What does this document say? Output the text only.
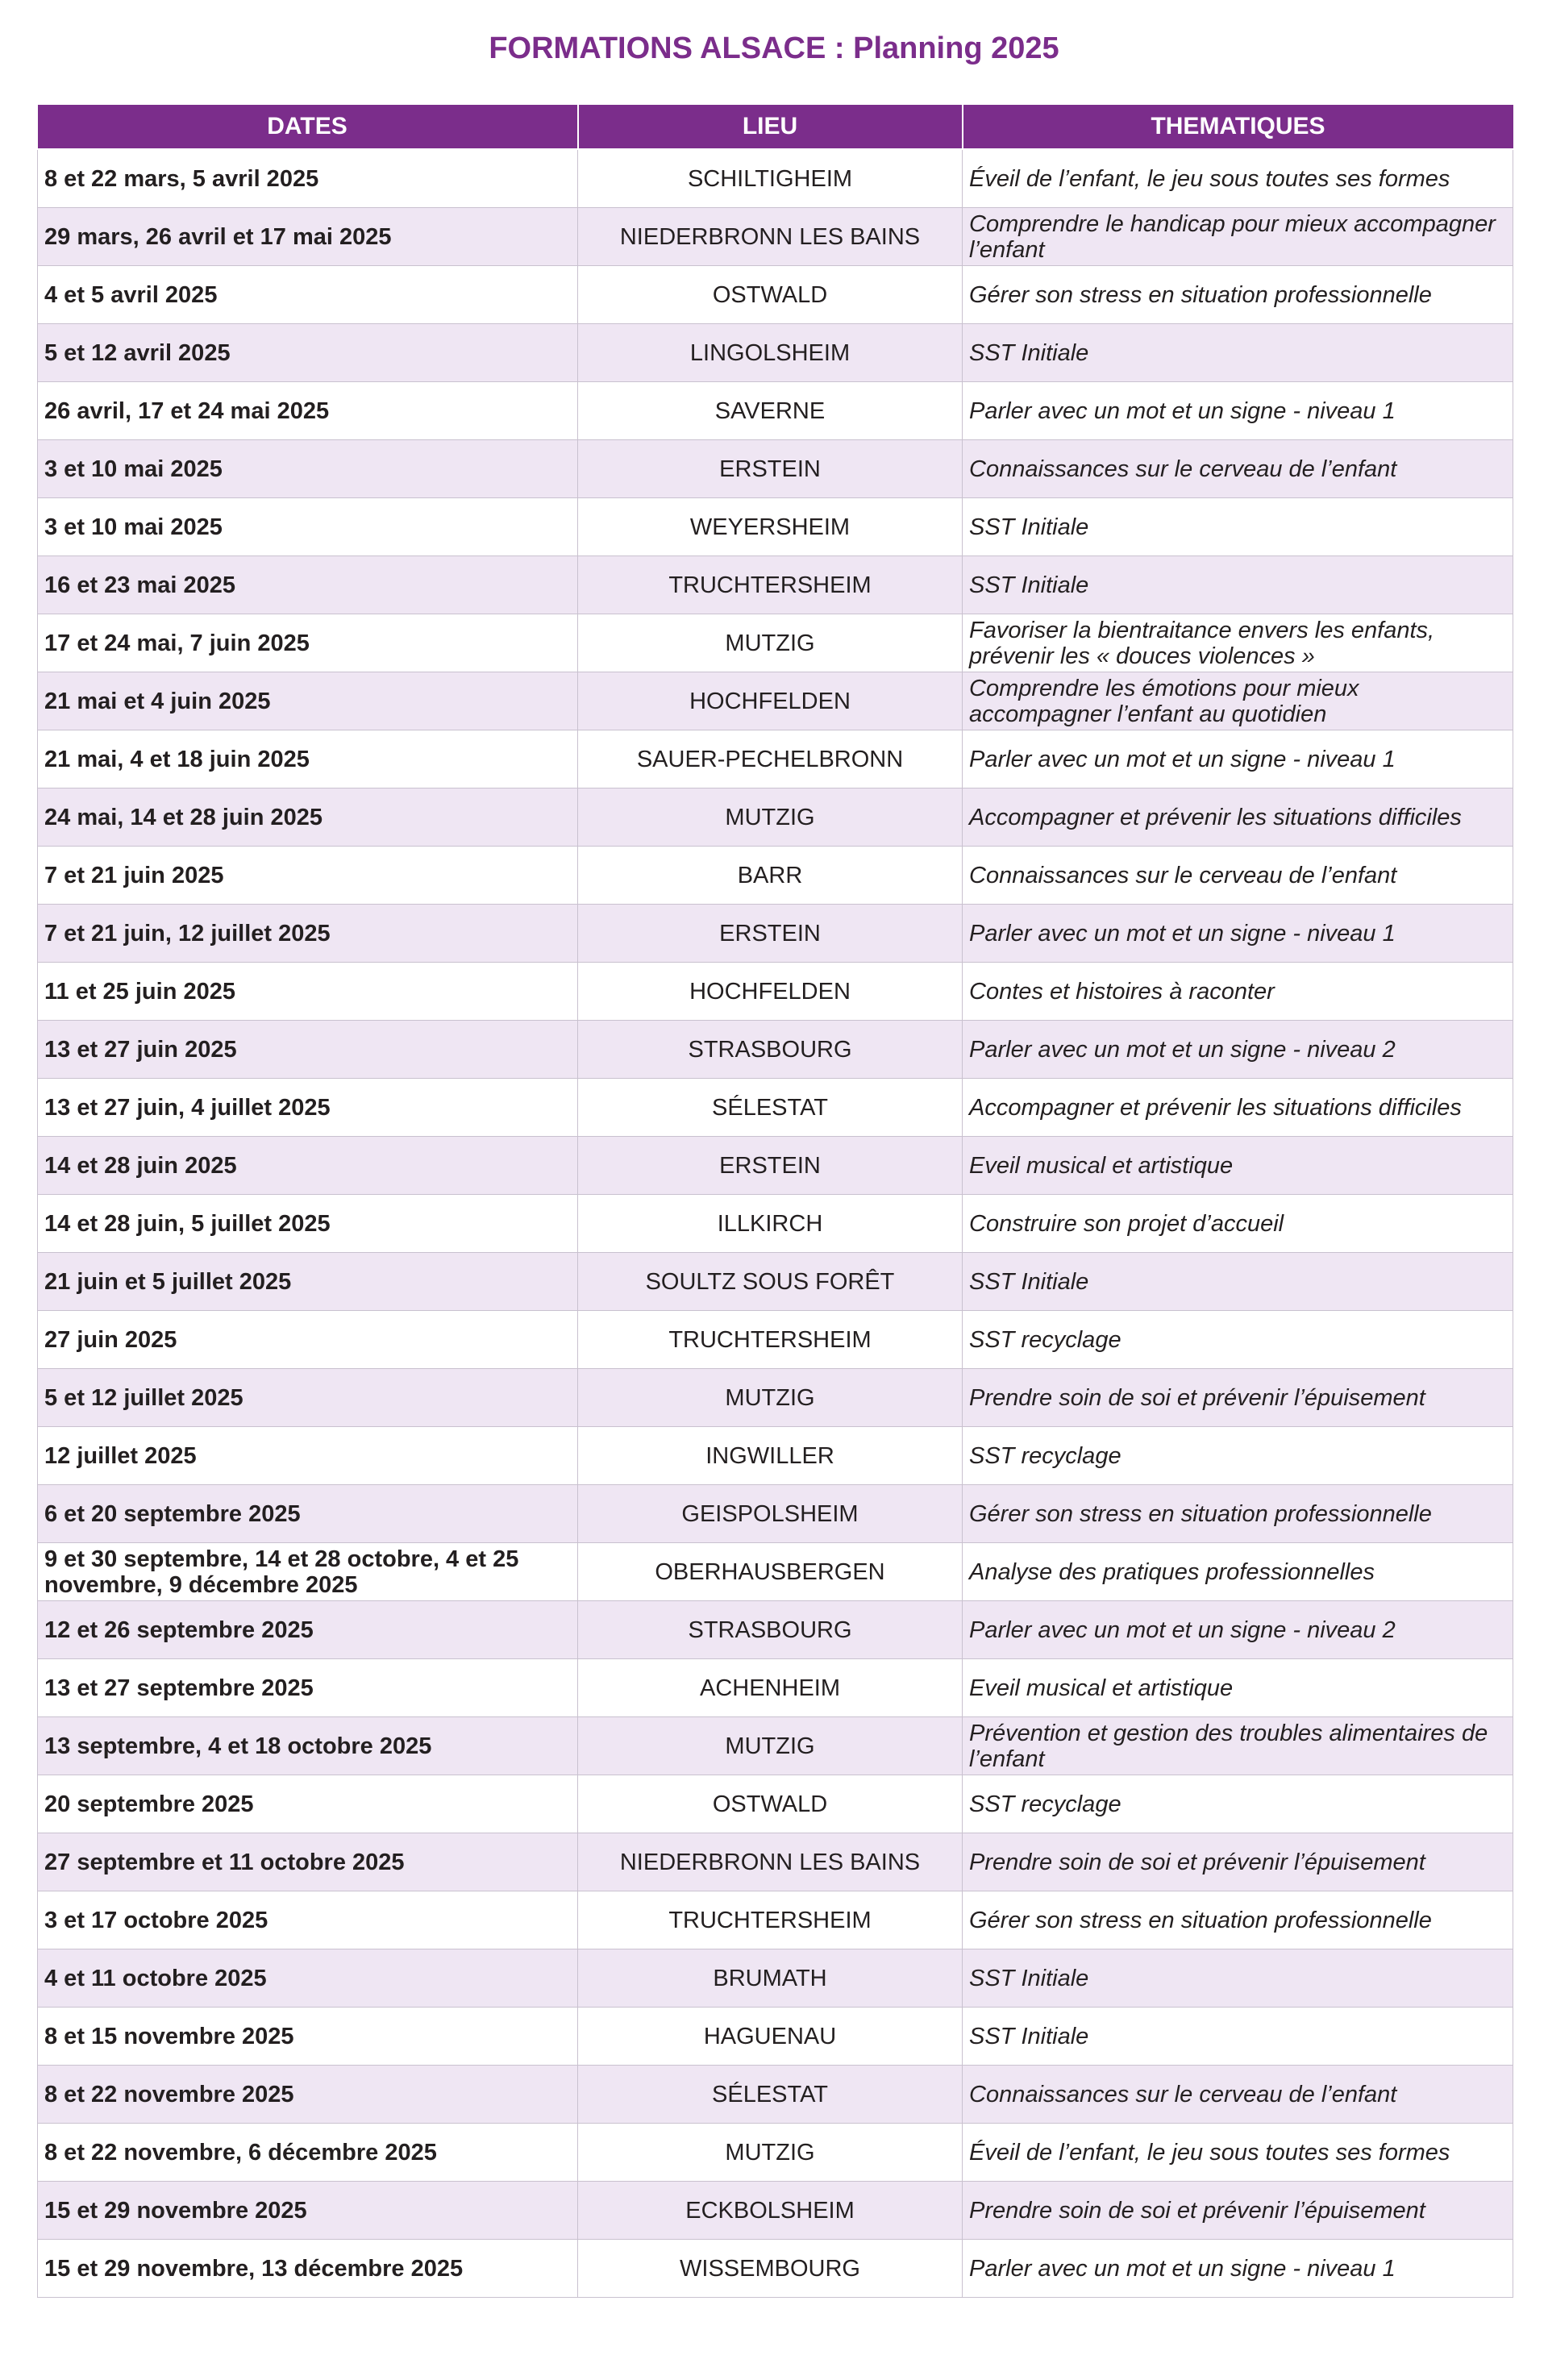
FORMATIONS ALSACE : Planning 2025
DATES	LIEU	THEMATIQUES
8 et 22 mars, 5 avril 2025	SCHILTIGHEIM	Éveil de l’enfant, le jeu sous toutes ses formes
29 mars, 26 avril et 17 mai 2025	NIEDERBRONN LES BAINS	Comprendre le handicap pour mieux accompagner l’enfant
4 et 5 avril 2025	OSTWALD	Gérer son stress en situation professionnelle
5 et 12 avril 2025	LINGOLSHEIM	SST Initiale
26 avril, 17 et 24 mai 2025	SAVERNE	Parler avec un mot et un signe - niveau 1
3 et 10 mai 2025	ERSTEIN	Connaissances sur le cerveau de l’enfant
3 et 10 mai 2025	WEYERSHEIM	SST Initiale
16 et 23 mai 2025	TRUCHTERSHEIM	SST Initiale
17 et 24 mai, 7 juin 2025	MUTZIG	Favoriser la bientraitance envers les enfants, prévenir les « douces violences »
21 mai et 4 juin 2025	HOCHFELDEN	Comprendre les émotions pour mieux accompagner l’enfant au quotidien
21 mai, 4 et 18 juin 2025	SAUER-PECHELBRONN	Parler avec un mot et un signe - niveau 1
24 mai, 14 et 28 juin 2025	MUTZIG	Accompagner et prévenir les situations difficiles
7 et 21 juin 2025	BARR	Connaissances sur le cerveau de l’enfant
7 et 21 juin, 12 juillet 2025	ERSTEIN	Parler avec un mot et un signe - niveau 1
11 et 25 juin 2025	HOCHFELDEN	Contes et histoires à raconter
13 et 27 juin 2025	STRASBOURG	Parler avec un mot et un signe - niveau 2
13 et 27 juin, 4 juillet 2025	SÉLESTAT	Accompagner et prévenir les situations difficiles
14 et 28 juin 2025	ERSTEIN	Eveil musical et artistique
14 et 28 juin, 5 juillet 2025	ILLKIRCH	Construire son projet d’accueil
21 juin et 5 juillet 2025	SOULTZ SOUS FORÊT	SST Initiale
27 juin 2025	TRUCHTERSHEIM	SST recyclage
5 et 12 juillet 2025	MUTZIG	Prendre soin de soi et prévenir l’épuisement
12 juillet 2025	INGWILLER	SST recyclage
6 et 20 septembre 2025	GEISPOLSHEIM	Gérer son stress en situation professionnelle
9 et 30 septembre, 14 et 28 octobre, 4 et 25 novembre, 9 décembre 2025	OBERHAUSBERGEN	Analyse des pratiques professionnelles
12 et 26 septembre 2025	STRASBOURG	Parler avec un mot et un signe - niveau 2
13 et 27 septembre 2025	ACHENHEIM	Eveil musical et artistique
13 septembre, 4 et 18 octobre 2025	MUTZIG	Prévention et gestion des troubles alimentaires de l’enfant
20 septembre 2025	OSTWALD	SST recyclage
27 septembre et 11 octobre 2025	NIEDERBRONN LES BAINS	Prendre soin de soi et prévenir l’épuisement
3 et 17 octobre 2025	TRUCHTERSHEIM	Gérer son stress en situation professionnelle
4 et 11 octobre 2025	BRUMATH	SST Initiale
8 et 15 novembre 2025	HAGUENAU	SST Initiale
8 et 22 novembre 2025	SÉLESTAT	Connaissances sur le cerveau de l’enfant
8 et 22 novembre, 6 décembre 2025	MUTZIG	Éveil de l’enfant, le jeu sous toutes ses formes
15 et 29 novembre 2025	ECKBOLSHEIM	Prendre soin de soi et prévenir l’épuisement
15 et 29 novembre, 13 décembre 2025	WISSEMBOURG	Parler avec un mot et un signe - niveau 1
